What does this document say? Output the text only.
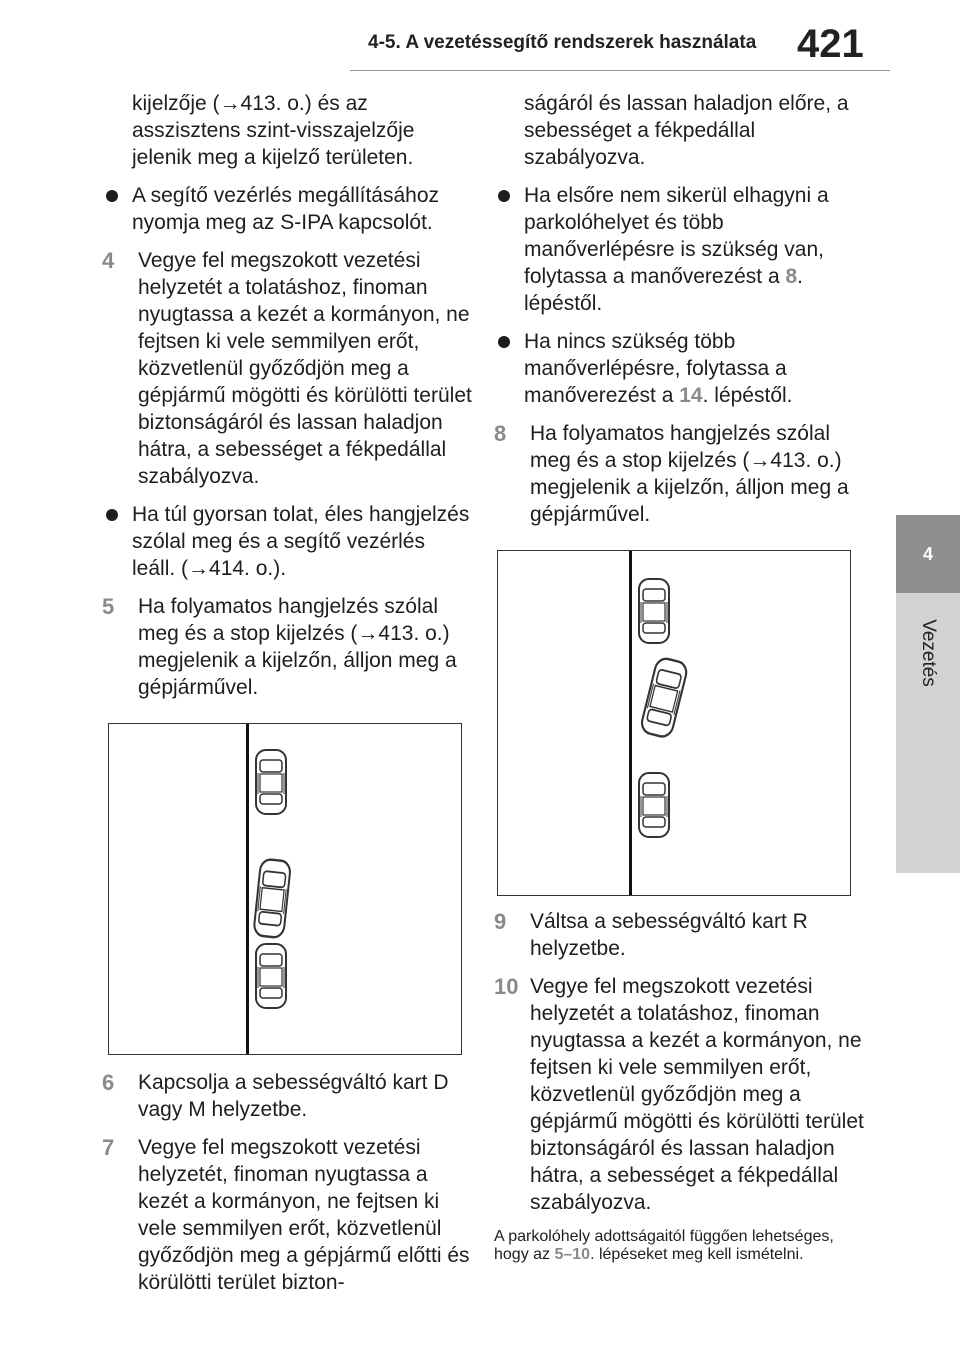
4-5. A vezetéssegítő rendszerek használata 421
4
Vezetés

kijelzője (→413. o.) és az asszisztens szint-visszajelzője jelenik meg a kijelző területen.

A segítő vezérlés megállításához nyomja meg az S-IPA kapcsolót.
4 Vegye fel megszokott vezetési helyzetét a tolatáshoz, finoman nyugtassa a kezét a kormányon, ne fejtsen ki vele semmilyen erőt, közvetlenül győződjön meg a gépjármű mögötti és körülötti terület biztonságáról és lassan haladjon hátra, a sebességet a fékpedállal szabályozva.
Ha túl gyorsan tolat, éles hangjelzés szólal meg és a segítő vezérlés leáll. (→414. o.).
5 Ha folyamatos hangjelzés szólal meg és a stop kijelzés (→413. o.) megjelenik a kijelzőn, álljon meg a gépjárművel.
6 Kapcsolja a sebességváltó kart D vagy M helyzetbe.
7 Vegye fel megszokott vezetési helyzetét, finoman nyugtassa a kezét a kormányon, ne fejtsen ki vele semmilyen erőt, közvetlenül győződjön meg a gépjármű előtti és körülötti terület bizton-

ságáról és lassan haladjon előre, a sebességet a fékpedállal szabályozva.

Ha elsőre nem sikerül elhagyni a parkolóhelyet és több manőverlépésre is szükség van, folytassa a manőverezést a 8. lépéstől.
Ha nincs szükség több manőverlépésre, folytassa a manőverezést a 14. lépéstől.
8 Ha folyamatos hangjelzés szólal meg és a stop kijelzés (→413. o.) megjelenik a kijelzőn, álljon meg a gépjárművel.
9 Váltsa a sebességváltó kart R helyzetbe.
10 Vegye fel megszokott vezetési helyzetét a tolatáshoz, finoman nyugtassa a kezét a kormányon, ne fejtsen ki vele semmilyen erőt, közvetlenül győződjön meg a gépjármű mögötti és körülötti terület biztonságáról és lassan haladjon hátra, a sebességet a fékpedállal szabályozva.
A parkolóhely adottságaitól függően lehetséges, hogy az 5–10. lépéseket meg kell ismételni.
